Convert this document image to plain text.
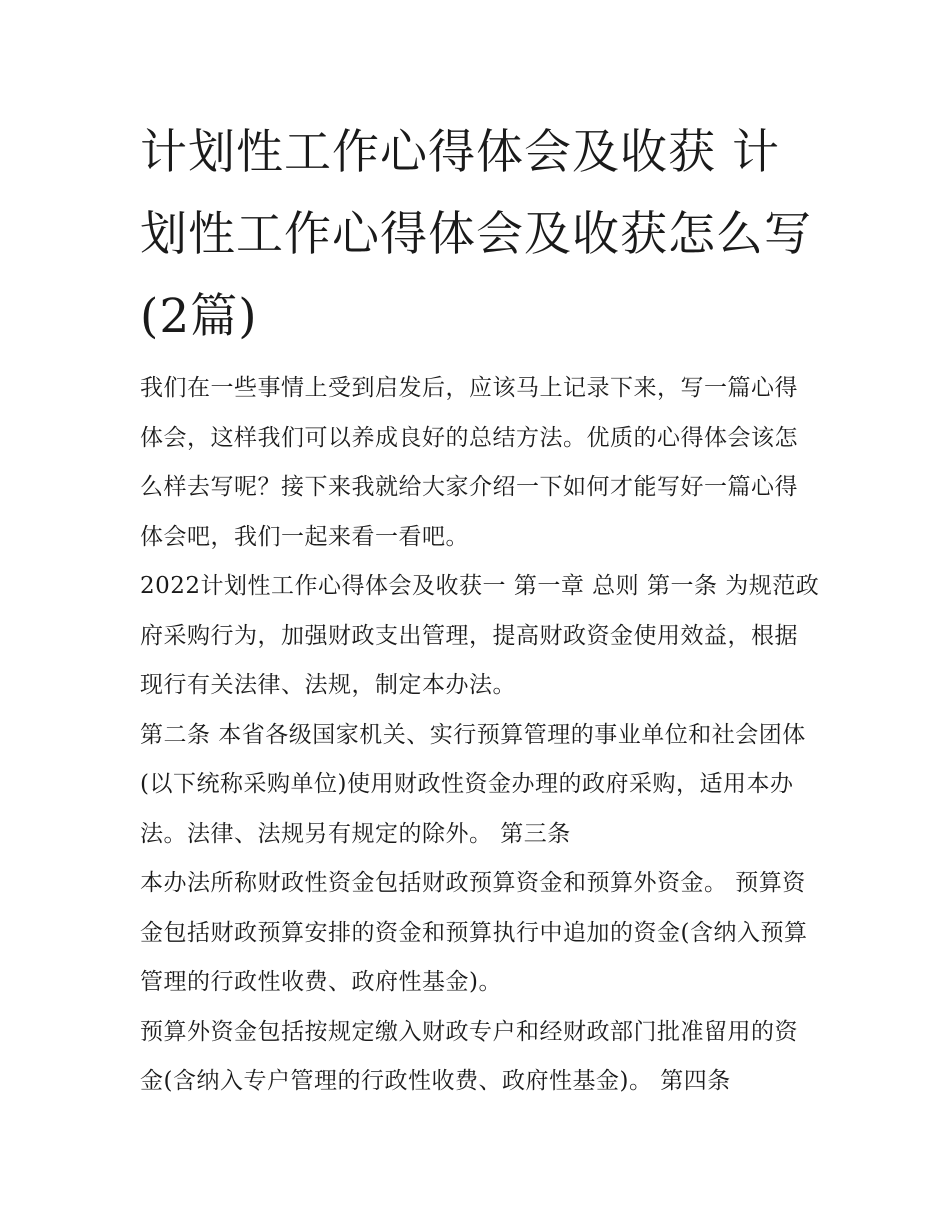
计划性工作心得体会及收获 计划性工作心得体会及收获怎么写(2篇)

我们在一些事情上受到启发后，应该马上记录下来，写一篇心得体会，这样我们可以养成良好的总结方法。优质的心得体会该怎么样去写呢？接下来我就给大家介绍一下如何才能写好一篇心得体会吧，我们一起来看一看吧。

2022计划性工作心得体会及收获一 第一章 总则 第一条 为规范政府采购行为，加强财政支出管理，提高财政资金使用效益，根据现行有关法律、法规，制定本办法。

第二条 本省各级国家机关、实行预算管理的事业单位和社会团体(以下统称采购单位)使用财政性资金办理的政府采购，适用本办法。法律、法规另有规定的除外。 第三条

本办法所称财政性资金包括财政预算资金和预算外资金。 预算资金包括财政预算安排的资金和预算执行中追加的资金(含纳入预算管理的行政性收费、政府性基金)。

预算外资金包括按规定缴入财政专户和经财政部门批准留用的资金(含纳入专户管理的行政性收费、政府性基金)。 第四条
